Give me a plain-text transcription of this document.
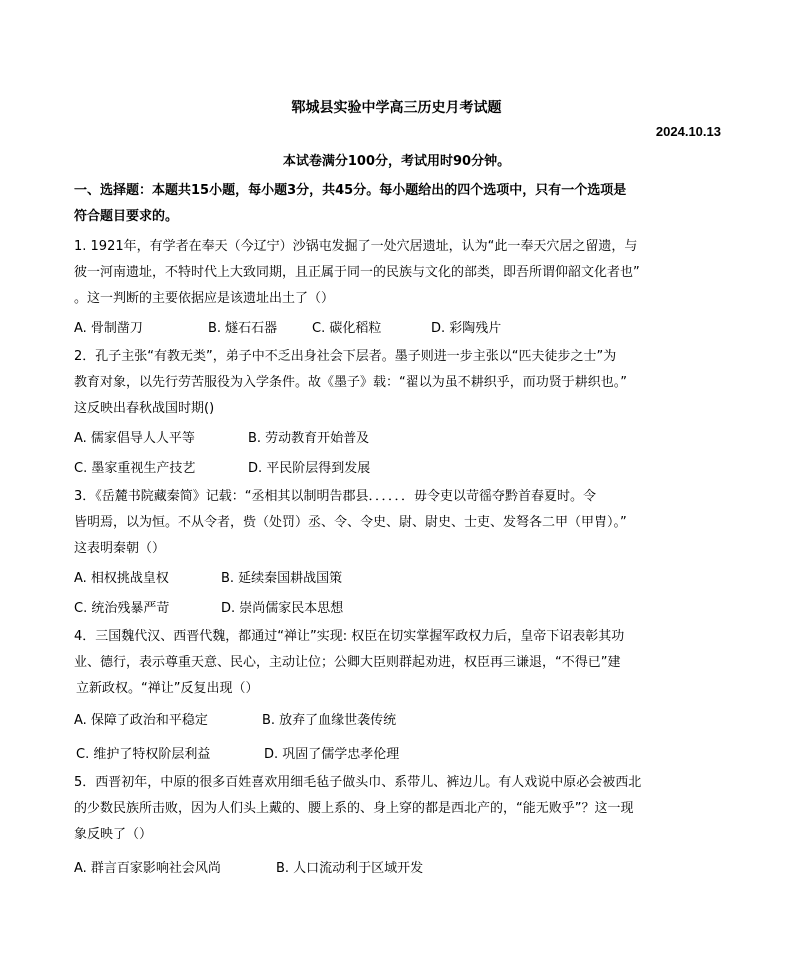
郓城县实验中学高三历史月考试题
本试卷满分100分，考试用时90分钟。
2024.10.13
一、选择题：本题共15小题，每小题3分，共45分。每小题给出的四个选项中，只有一个选项是
符合题目要求的。
1. 1921年，有学者在奉天（今辽宁）沙锅屯发掘了一处穴居遗址，认为“此一奉天穴居之留遗，与
彼一河南遗址，不特时代上大致同期，且正属于同一的民族与文化的部类，即吾所谓仰韶文化者也”
。这一判断的主要依据应是该遗址出土了（）
A. 骨制凿刀	B. 燧石石器	C. 碳化稻粒	D. 彩陶残片
2．孔子主张“有教无类”，弟子中不乏出身社会下层者。墨子则进一步主张以“匹夫徒步之士”为
教育对象，以先行劳苦服役为入学条件。故《墨子》载：“翟以为虽不耕织乎，而功贤于耕织也。”
这反映出春秋战国时期()
A. 儒家倡导人人平等	B. 劳动教育开始普及
C. 墨家重视生产技艺	D. 平民阶层得到发展
3．《岳麓书院藏秦简》记载：“丞相其以制明告郡县．．．．．．毋令吏以苛徭夺黔首春夏时。令
皆明焉，以为恒。不从令者，赀（处罚）丞、令、令史、尉、尉史、士吏、发弩各二甲（甲胄）。”
这表明秦朝（）
A. 相权挑战皇权	B. 延续秦国耕战国策
C. 统治残暴严苛	D. 崇尚儒家民本思想
4．三国魏代汉、西晋代魏，都通过“禅让”实现: 权臣在切实掌握军政权力后，皇帝下诏表彰其功
业、德行，表示尊重天意、民心，主动让位；公卿大臣则群起劝进，权臣再三谦退，“不得已”建
立新政权。“禅让”反复出现（）
A. 保障了政治和平稳定	B. 放弃了血缘世袭传统
C. 维护了特权阶层利益	D. 巩固了儒学忠孝伦理
5．西晋初年，中原的很多百姓喜欢用细毛毡子做头巾、系带儿、裤边儿。有人戏说中原必会被西北
的少数民族所击败，因为人们头上戴的、腰上系的、身上穿的都是西北产的，“能无败乎”？这一现
象反映了（）
A. 群言百家影响社会风尚	B. 人口流动利于区域开发
